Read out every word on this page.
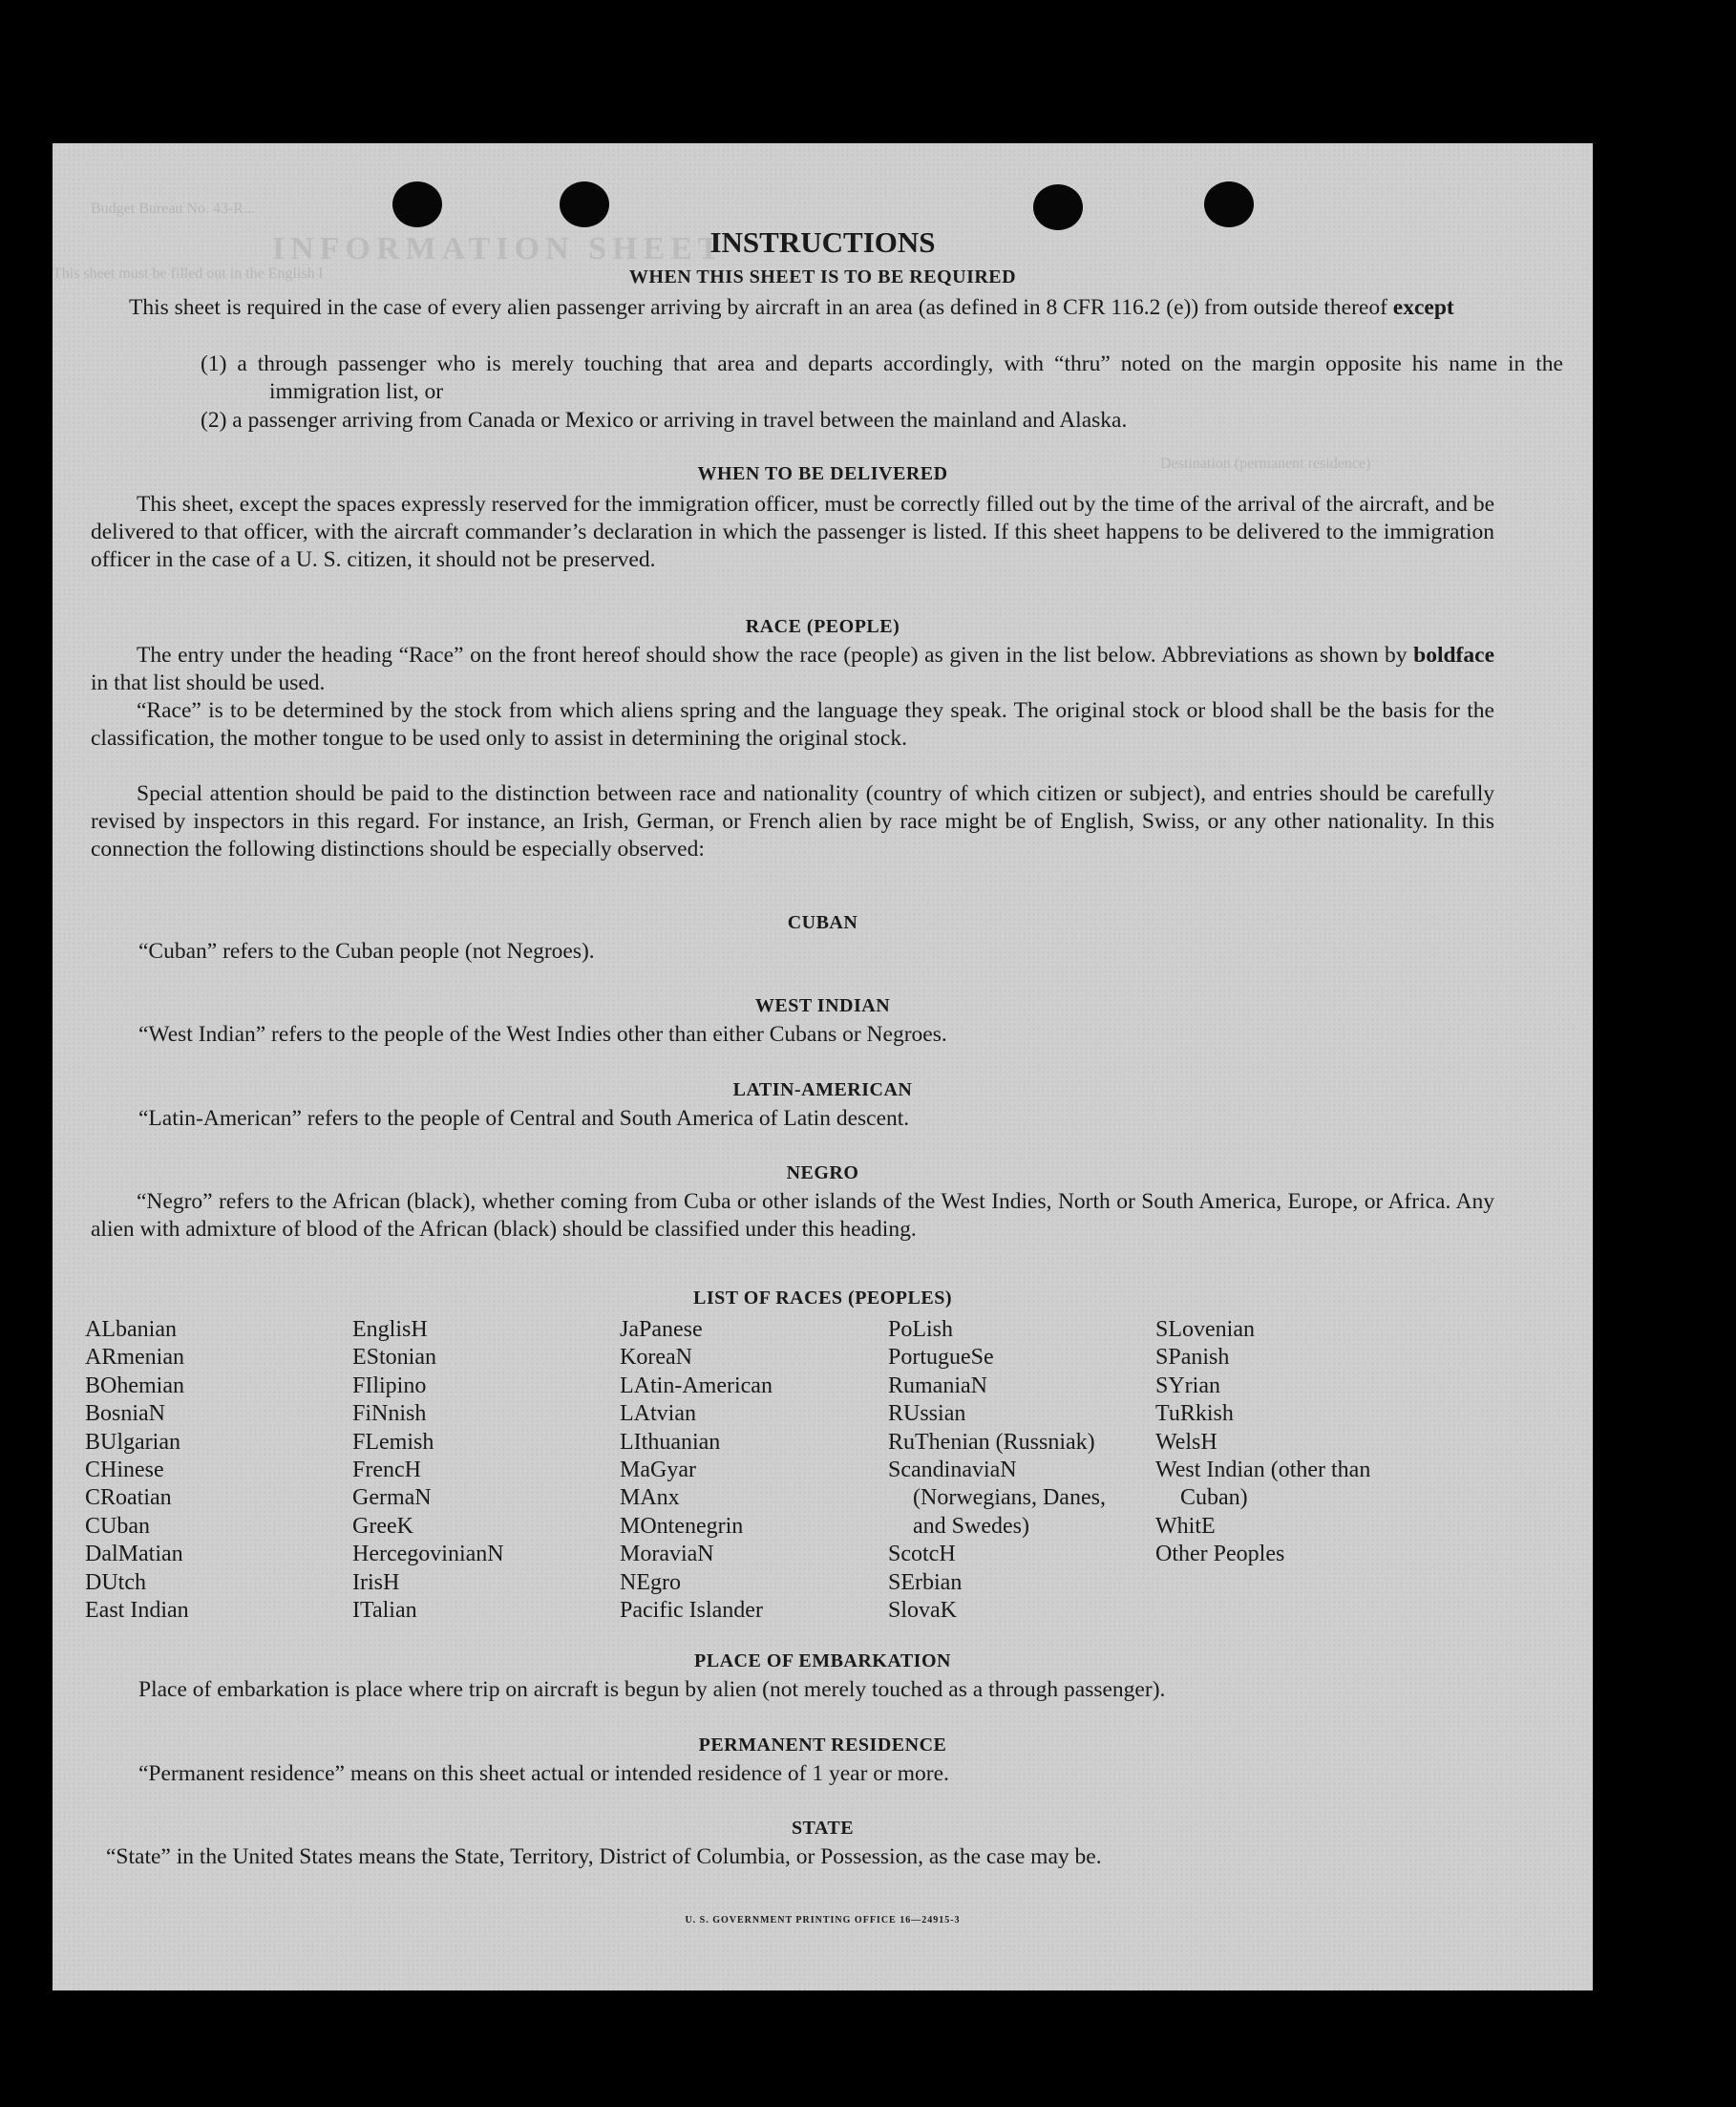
INFORMATION SHEET
This sheet must be filled out in the English l
Budget Bureau No. 43-R...
Destination (permanent residence)
INSTRUCTIONS
WHEN THIS SHEET IS TO BE REQUIRED
This sheet is required in the case of every alien passenger arriving by aircraft in an area (as defined in 8 CFR 116.2 (e)) from outside thereof except
(1) a through passenger who is merely touching that area and departs accordingly, with “thru” noted on the margin opposite his name in the immigration list, or
(2) a passenger arriving from Canada or Mexico or arriving in travel between the mainland and Alaska.
WHEN TO BE DELIVERED
This sheet, except the spaces expressly reserved for the immigration officer, must be correctly filled out by the time of the arrival of the aircraft, and be delivered to that officer, with the aircraft commander’s declaration in which the passenger is listed. If this sheet happens to be delivered to the immigration officer in the case of a U. S. citizen, it should not be preserved.
RACE (PEOPLE)
The entry under the heading “Race” on the front hereof should show the race (people) as given in the list below. Abbreviations as shown by boldface in that list should be used.
“Race” is to be determined by the stock from which aliens spring and the language they speak. The original stock or blood shall be the basis for the classification, the mother tongue to be used only to assist in determining the original stock.
Special attention should be paid to the distinction between race and nationality (country of which citizen or subject), and entries should be carefully revised by inspectors in this regard. For instance, an Irish, German, or French alien by race might be of English, Swiss, or any other nationality. In this connection the following distinctions should be especially observed:
CUBAN
“Cuban” refers to the Cuban people (not Negroes).
WEST INDIAN
“West Indian” refers to the people of the West Indies other than either Cubans or Negroes.
LATIN-AMERICAN
“Latin-American” refers to the people of Central and South America of Latin descent.
NEGRO
“Negro” refers to the African (black), whether coming from Cuba or other islands of the West Indies, North or South America, Europe, or Africa. Any alien with admixture of blood of the African (black) should be classified under this heading.
LIST OF RACES (PEOPLES)
ALbanian
ARmenian
BOhemian
BosniaN
BUlgarian
CHinese
CRoatian
CUban
DalMatian
DUtch
East Indian
EnglisH
EStonian
FIlipino
FiNnish
FLemish
FrencH
GermaN
GreeK
HercegovinianN
IrisH
ITalian
JaPanese
KoreaN
LAtin-American
LAtvian
LIthuanian
MaGyar
MAnx
MOntenegrin
MoraviaN
NEgro
Pacific Islander
PoLish
PortugueSe
RumaniaN
RUssian
RuThenian (Russniak)
ScandinaviaN (Norwegians, Danes, and Swedes)
ScotcH
SErbian
SlovaK
SLovenian
SPanish
SYrian
TuRkish
WelsH
West Indian (other than Cuban)
WhitE
Other Peoples
PLACE OF EMBARKATION
Place of embarkation is place where trip on aircraft is begun by alien (not merely touched as a through passenger).
PERMANENT RESIDENCE
“Permanent residence” means on this sheet actual or intended residence of 1 year or more.
STATE
“State” in the United States means the State, Territory, District of Columbia, or Possession, as the case may be.
U. S. GOVERNMENT PRINTING OFFICE 16—24915-3
